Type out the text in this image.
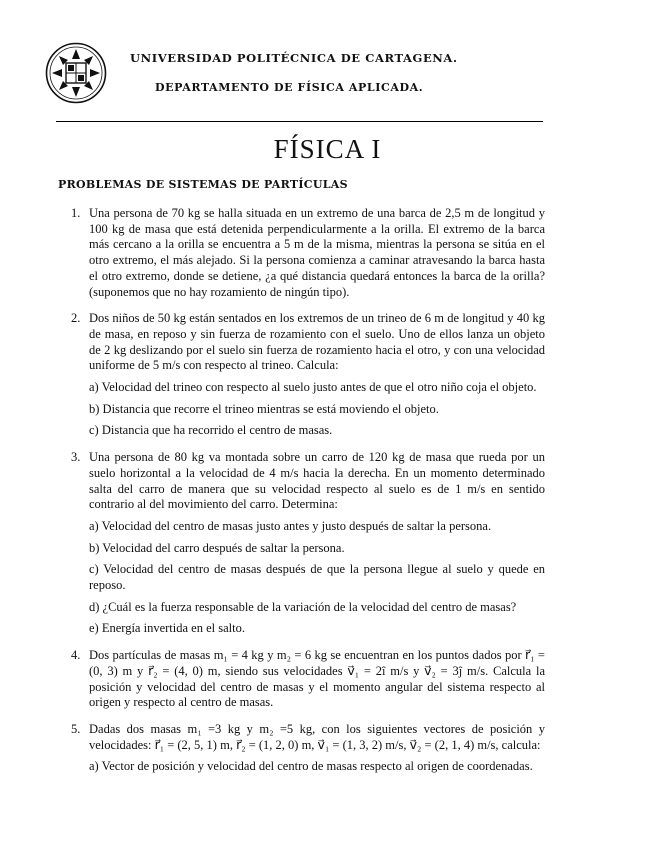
UNIVERSIDAD POLITÉCNICA DE CARTAGENA.
DEPARTAMENTO DE FÍSICA APLICADA.
FÍSICA I
PROBLEMAS DE SISTEMAS DE PARTÍCULAS
1. Una persona de 70 kg se halla situada en un extremo de una barca de 2,5 m de longitud y 100 kg de masa que está detenida perpendicularmente a la orilla. El extremo de la barca más cercano a la orilla se encuentra a 5 m de la misma, mientras la persona se sitúa en el otro extremo, el más alejado. Si la persona comienza a caminar atravesando la barca hasta el otro extremo, donde se detiene, ¿a qué distancia quedará entonces la barca de la orilla? (suponemos que no hay rozamiento de ningún tipo).

2. Dos niños de 50 kg están sentados en los extremos de un trineo de 6 m de longitud y 40 kg de masa, en reposo y sin fuerza de rozamiento con el suelo. Uno de ellos lanza un objeto de 2 kg deslizando por el suelo sin fuerza de rozamiento hacia el otro, y con una velocidad uniforme de 5 m/s con respecto al trineo. Calcula:

a) Velocidad del trineo con respecto al suelo justo antes de que el otro niño coja el objeto.

b) Distancia que recorre el trineo mientras se está moviendo el objeto.

c) Distancia que ha recorrido el centro de masas.

3. Una persona de 80 kg va montada sobre un carro de 120 kg de masa que rueda por un suelo horizontal a la velocidad de 4 m/s hacia la derecha. En un momento determinado salta del carro de manera que su velocidad respecto al suelo es de 1 m/s en sentido contrario al del movimiento del carro. Determina:

a) Velocidad del centro de masas justo antes y justo después de saltar la persona.

b) Velocidad del carro después de saltar la persona.

c) Velocidad del centro de masas después de que la persona llegue al suelo y quede en reposo.

d) ¿Cuál es la fuerza responsable de la variación de la velocidad del centro de masas?

e) Energía invertida en el salto.

4. Dos partículas de masas m₁ = 4 kg y m₂ = 6 kg se encuentran en los puntos dados por r⃗₁ = (0, 3) m y r⃗₂ = (4, 0) m, siendo sus velocidades v⃗₁ = 2î m/s y v⃗₂ = 3ĵ m/s. Calcula la posición y velocidad del centro de masas y el momento angular del sistema respecto al origen y respecto al centro de masas.

5. Dadas dos masas m₁ =3 kg y m₂ =5 kg, con los siguientes vectores de posición y velocidades: r⃗₁ = (2, 5, 1) m, r⃗₂ = (1, 2, 0) m, v⃗₁ = (1, 3, 2) m/s, v⃗₂ = (2, 1, 4) m/s, calcula:

a) Vector de posición y velocidad del centro de masas respecto al origen de coordenadas.
